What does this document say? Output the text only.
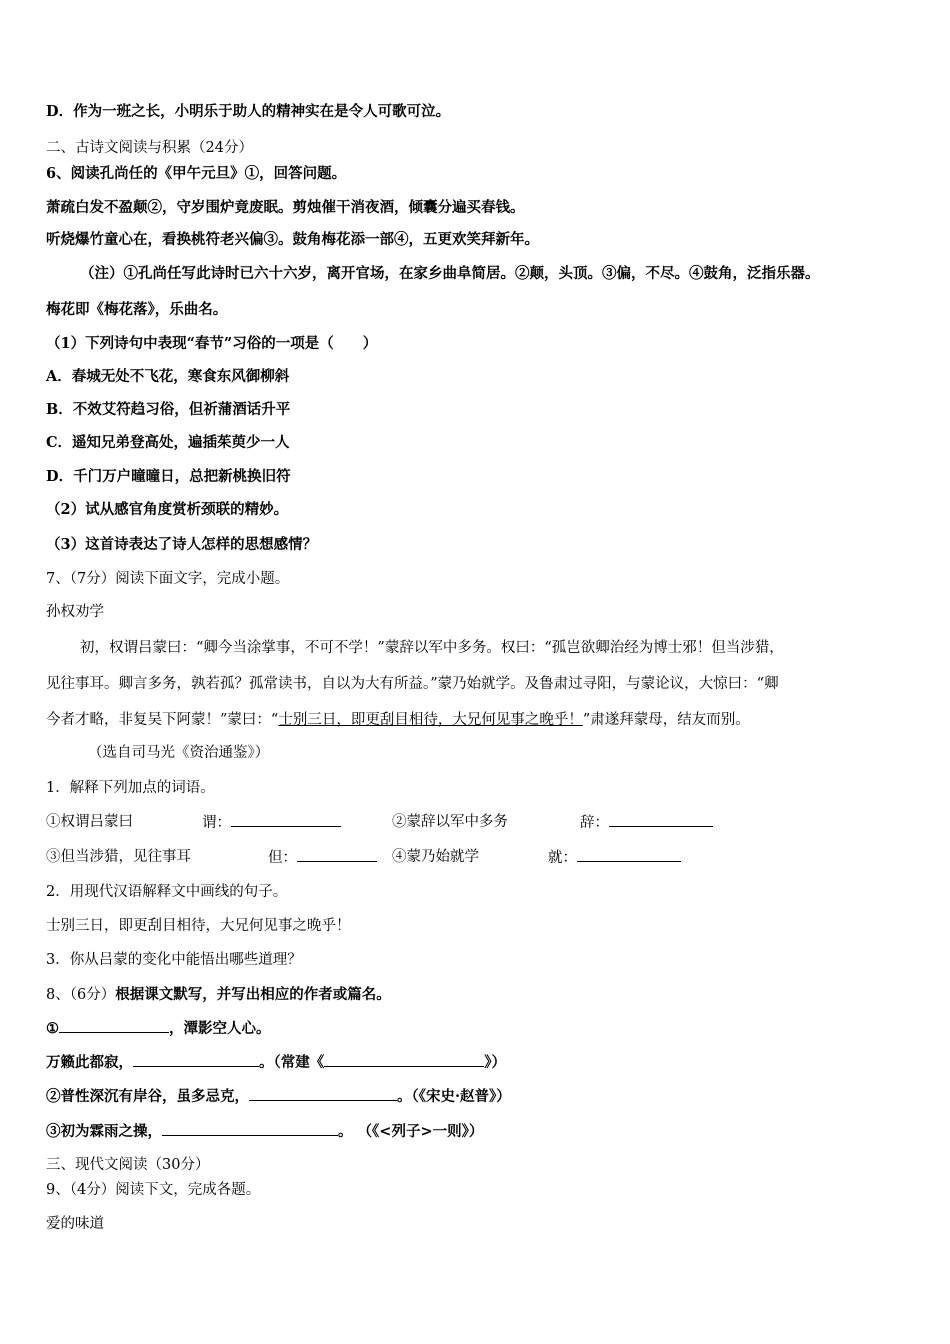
D．作为一班之长，小明乐于助人的精神实在是令人可歌可泣。
二、古诗文阅读与积累（24分）
6、阅读孔尚任的《甲午元旦》①，回答问题。
萧疏白发不盈颠②，守岁围炉竟废眠。剪烛催干消夜酒，倾囊分遍买春钱。
听烧爆竹童心在，看换桃符老兴偏③。鼓角梅花添一部④，五更欢笑拜新年。
（注）①孔尚任写此诗时已六十六岁，离开官场，在家乡曲阜简居。②颠，头顶。③偏，不尽。④鼓角，泛指乐器。
梅花即《梅花落》，乐曲名。
（1）下列诗句中表现“春节”习俗的一项是（　　）
A．春城无处不飞花，寒食东风御柳斜
B．不效艾符趋习俗，但祈蒲酒话升平
C．遥知兄弟登高处，遍插茱萸少一人
D．千门万户曈曈日，总把新桃换旧符
（2）试从感官角度赏析颈联的精妙。
（3）这首诗表达了诗人怎样的思想感情？
7、（7分）阅读下面文字，完成小题。
孙权劝学
初，权谓吕蒙曰：“卿今当涂掌事，不可不学！”蒙辞以军中多务。权曰：“孤岂欲卿治经为博士邪！但当涉猎，
见往事耳。卿言多务，孰若孤？孤常读书，自以为大有所益。”蒙乃始就学。及鲁肃过寻阳，与蒙论议，大惊曰：“卿
今者才略，非复吴下阿蒙！”蒙曰：“士别三日，即更刮目相待，大兄何见事之晚乎！”肃遂拜蒙母，结友而别。
（选自司马光《资治通鉴》）
1．解释下列加点的词语。
①权谓吕蒙曰	谓：	②蒙辞以军中多务	辞：
③但当涉猎，见往事耳	但：	④蒙乃始就学	就：
2．用现代汉语解释文中画线的句子。
士别三日，即更刮目相待，大兄何见事之晚乎！
3．你从吕蒙的变化中能悟出哪些道理？
8、（6分）根据课文默写，并写出相应的作者或篇名。
①	，潭影空人心。
万籁此都寂，	。（常建《	》）
②普性深沉有岸谷，虽多忌克，	。（《宋史·赵普》）
③初为霖雨之操，	。 （《<列子>一则》）
三、现代文阅读（30分）
9、（4分）阅读下文，完成各题。
爱的味道
